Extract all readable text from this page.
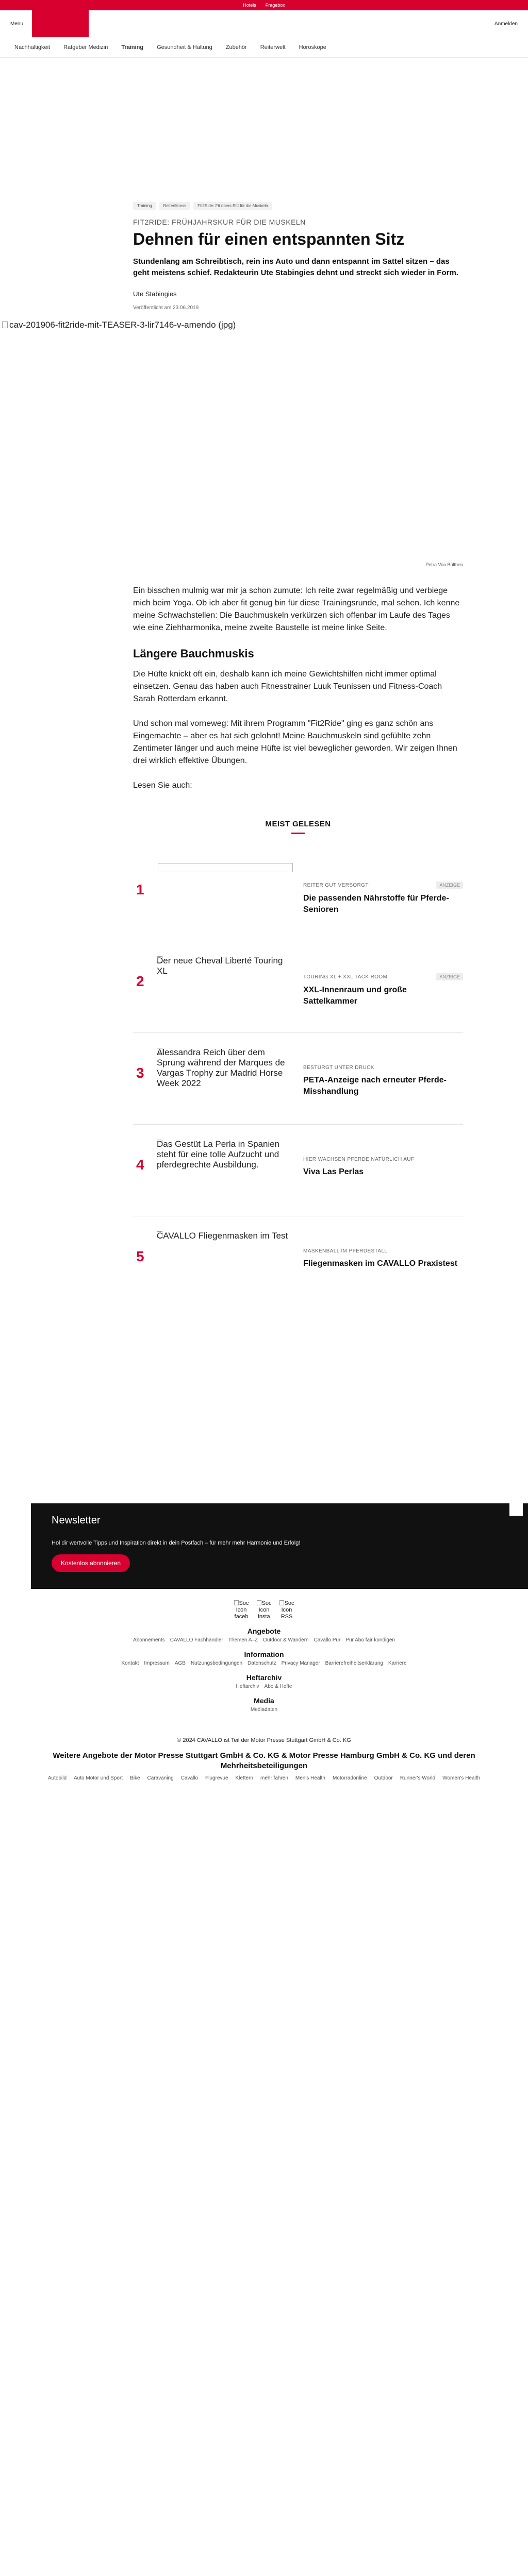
Hotels Fragebox
Menu	Anmelden
Nachhaltigkeit Ratgeber Medizin Training Gesundheit & Haltung Zubehör Reiterwelt Horoskope
Training	Reiterfitness	FIt2Ride: Fit übers Ritt für die Muskeln
FIT2RIDE: FRÜHJAHRSKUR FÜR DIE MUSKELN
Dehnen für einen entspannten Sitz

Stundenlang am Schreibtisch, rein ins Auto und dann entspannt im Sattel sitzen – das geht meistens schief. Redakteurin Ute Stabingies dehnt und streckt sich wieder in Form.

Ute Stabingies
Veröffentlicht am 23.06.2019
cav-201906-fit2ride-mit-TEASER-3-lir7146-v-amendo (jpg)
Petra Von Bülthen

Ein bisschen mulmig war mir ja schon zumute: Ich reite zwar regelmäßig und verbiege mich beim Yoga. Ob ich aber fit genug bin für diese Trainingsrunde, mal sehen. Ich kenne meine Schwachstellen: Die Bauchmuskeln verkürzen sich offenbar im Laufe des Tages wie eine Ziehharmonika, meine zweite Baustelle ist meine linke Seite.

Längere Bauchmuskis

Die Hüfte knickt oft ein, deshalb kann ich meine Gewichtshilfen nicht immer optimal einsetzen. Genau das haben auch Fitnesstrainer Luuk Teunissen und Fitness-Coach Sarah Rotterdam erkannt.

Und schon mal vorneweg: Mit ihrem Programm "Fit2Ride" ging es ganz schön ans Eingemachte – aber es hat sich gelohnt! Meine Bauchmuskeln sind gefühlte zehn Zentimeter länger und auch meine Hüfte ist viel beweglicher geworden. Wir zeigen Ihnen drei wirklich effektive Übungen.

Lesen Sie auch:

MEIST GELESEN
1	REITER GUT VERSORGT	ANZEIGE
Die passenden Nährstoffe für Pferde-Senioren
2
Der neue Cheval Liberté Touring XL
TOURING XL + XXL TACK ROOM	ANZEIGE
XXL-Innenraum und große Sattelkammer
3
Alessandra Reich über dem Sprung während der Marques de Vargas Trophy zur Madrid Horse Week 2022
BESTÜRGT UNTER DRUCK
PETA-Anzeige nach erneuter Pferde-Misshandlung
4
Das Gestüt La Perla in Spanien steht für eine tolle Aufzucht und pferdegrechte Ausbildung.
HIER WACHSEN PFERDE NATÜRLICH AUF
Viva Las Perlas
5
CAVALLO Fliegenmasken im Test
MASKENBALL IM PFERDESTALL
Fliegenmasken im CAVALLO Praxistest
Newsletter

Hol dir wertvolle Tipps und Inspiration direkt in dein Postfach – für mehr mehr Harmonie und Erfolg!

Kostenlos abonnieren
Soc
Icon
faceb
Soc
Icon
insta
Soc
Icon
RSS
Angebote
Abonnements CAVALLO Fachhändler Themen A–Z Outdoor & Wandern Cavallo Pur Pur Abo fair kündigen
Information
Kontakt Impressum AGB Nutzungsbedingungen Datenschutz Privacy Manager Barrierefreiheitserklärung Karriere
Heftarchiv
Heftarchiv Abo & Hefte
Media
Mediadaten
© 2024 CAVALLO ist Teil der Motor Presse Stuttgart GmbH & Co. KG
Weitere Angebote der Motor Presse Stuttgart GmbH & Co. KG & Motor Presse Hamburg GmbH & Co. KG und deren Mehrheitsbeteiligungen
Autobild Auto Motor und Sport Bike Caravaning Cavallo Flugrevue Klettern mehr fahren Men's Health Motorradonline Outdoor Runner's World Women's Health
